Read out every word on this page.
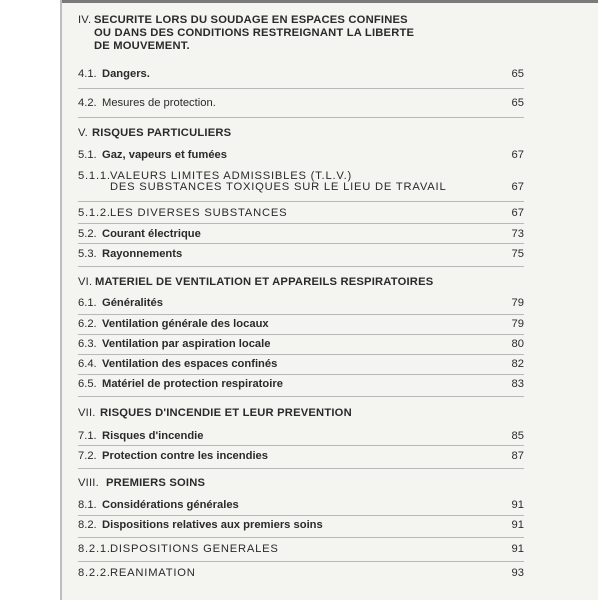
IV. SECURITE LORS DU SOUDAGE EN ESPACES CONFINES
OU DANS DES CONDITIONS RESTREIGNANT LA LIBERTE
DE MOUVEMENT.
4.1. Dangers.	65
4.2. Mesures de protection.	65
V. RISQUES PARTICULIERS
5.1. Gaz, vapeurs et fumées	67
5.1.1. VALEURS LIMITES ADMISSIBLES (T.L.V.)
DES SUBSTANCES TOXIQUES SUR LE LIEU DE TRAVAIL	67
5.1.2. LES DIVERSES SUBSTANCES	67
5.2. Courant électrique	73
5.3. Rayonnements	75
VI. MATERIEL DE VENTILATION ET APPAREILS RESPIRATOIRES
6.1. Généralités	79
6.2. Ventilation générale des locaux	79
6.3. Ventilation par aspiration locale	80
6.4. Ventilation des espaces confinés	82
6.5. Matériel de protection respiratoire	83
VII. RISQUES D'INCENDIE ET LEUR PREVENTION
7.1. Risques d'incendie	85
7.2. Protection contre les incendies	87
VIII. PREMIERS SOINS
8.1. Considérations générales	91
8.2. Dispositions relatives aux premiers soins	91
8.2.1. DISPOSITIONS GENERALES	91
8.2.2. REANIMATION	93
